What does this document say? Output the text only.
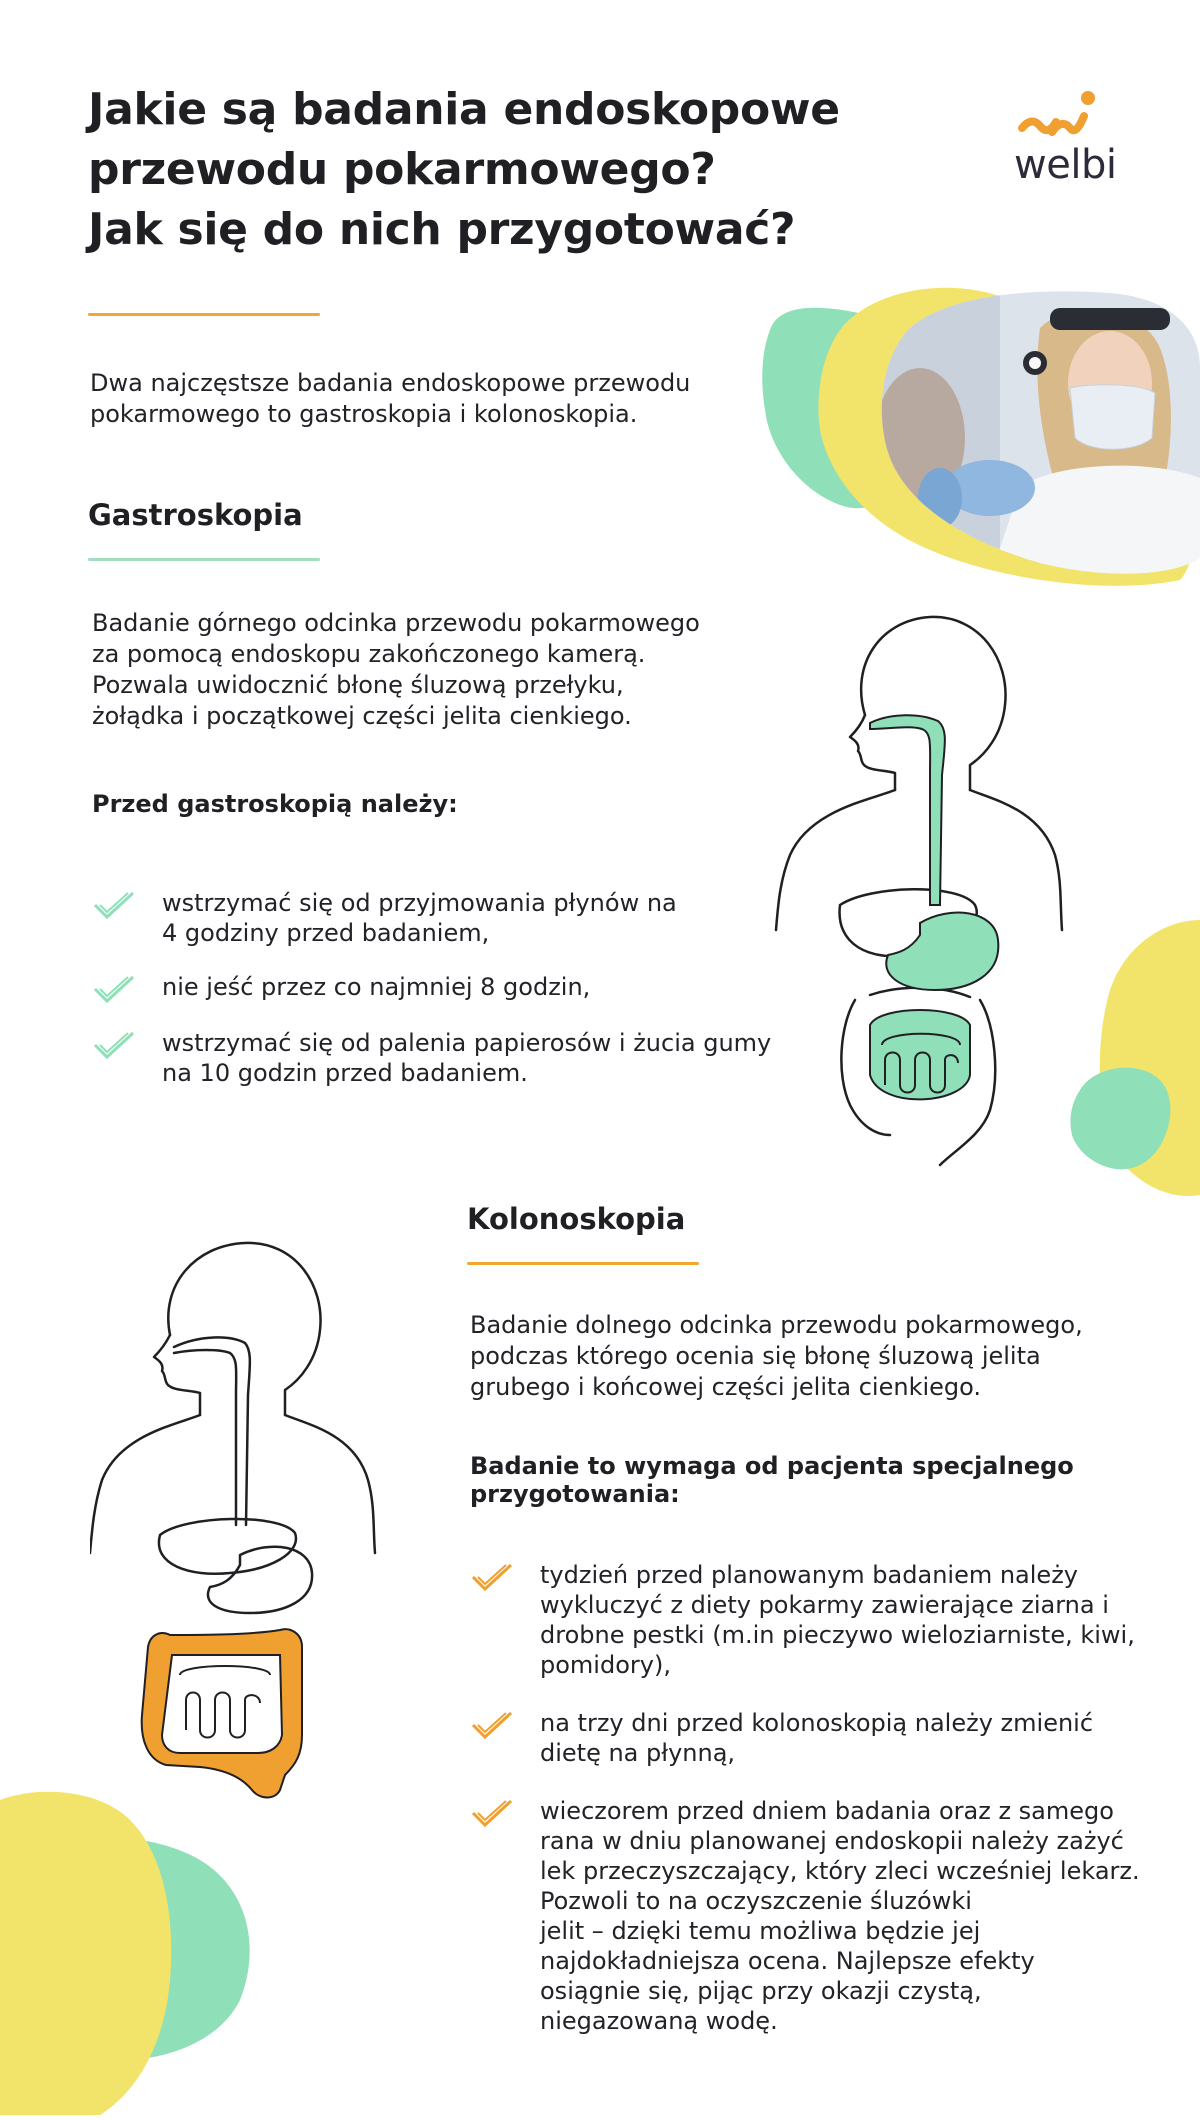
Jakie są badania endoskopowe
przewodu pokarmowego?
Jak się do nich przygotować?
welbi
Dwa najczęstsze badania endoskopowe przewodu
pokarmowego to gastroskopia i kolonoskopia.
Gastroskopia
Badanie górnego odcinka przewodu pokarmowego
za pomocą endoskopu zakończonego kamerą.
Pozwala uwidocznić błonę śluzową przełyku,
żołądka i początkowej części jelita cienkiego.
Przed gastroskopią należy:
wstrzymać się od przyjmowania płynów na
4 godziny przed badaniem,
nie jeść przez co najmniej 8 godzin,
wstrzymać się od palenia papierosów i żucia gumy
na 10 godzin przed badaniem.
Kolonoskopia
Badanie dolnego odcinka przewodu pokarmowego,
podczas którego ocenia się błonę śluzową jelita
grubego i końcowej części jelita cienkiego.
Badanie to wymaga od pacjenta specjalnego
przygotowania:
tydzień przed planowanym badaniem należy
wykluczyć z diety pokarmy zawierające ziarna i
drobne pestki (m.in pieczywo wieloziarniste, kiwi,
pomidory),
na trzy dni przed kolonoskopią należy zmienić
dietę na płynną,
wieczorem przed dniem badania oraz z samego
rana w dniu planowanej endoskopii należy zażyć
lek przeczyszczający, który zleci wcześniej lekarz.
Pozwoli to na oczyszczenie śluzówki
jelit – dzięki temu możliwa będzie jej
najdokładniejsza ocena. Najlepsze efekty
osiągnie się, pijąc przy okazji czystą,
niegazowaną wodę.
